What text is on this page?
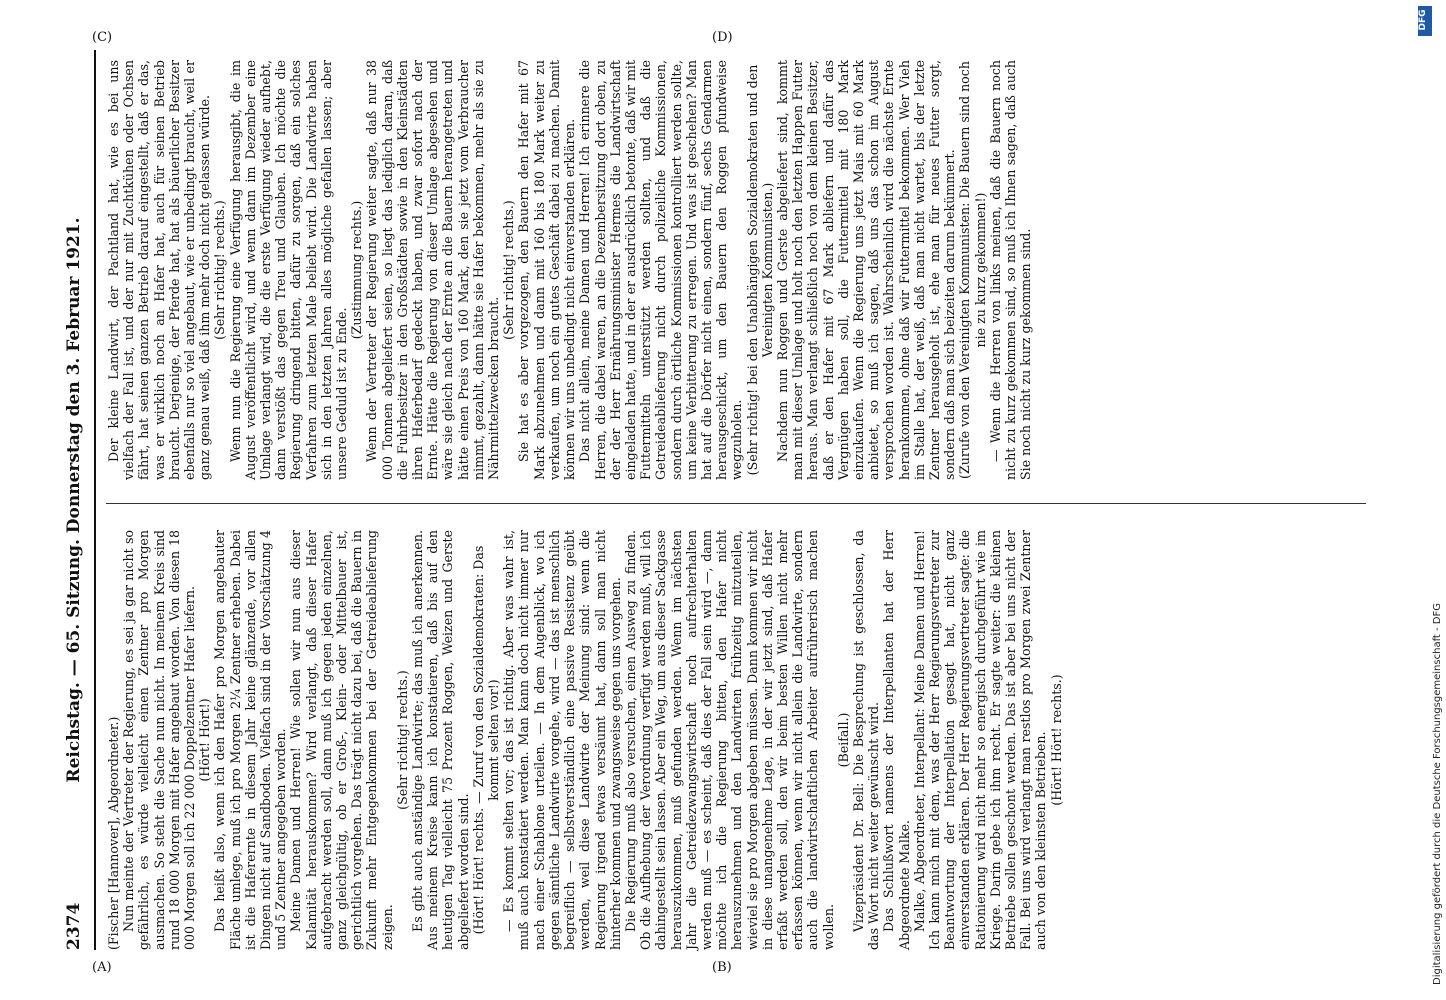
(A)	(B)
(C)	(D)
2374
Reichstag. — 65. Sitzung. Donnerstag den 3. Februar 1921.

(Fischer [Hannover], Abgeordneter.) Nun meinte der Vertreter der Regierung, es sei ja gar nicht so gefährlich, es würde vielleicht einen Zentner pro Morgen ausmachen. So steht die Sache nun nicht. In meinem Kreis sind rund 18 000 Morgen mit Hafer angebaut worden. Von diesen 18 000 Morgen soll ich 22 000 Doppelzentner Hafer liefern. (Hört! Hört!) Das heißt also, wenn ich den Hafer pro Morgen angebauter Fläche umlege, muß ich pro Morgen 2¼ Zentner erheben. Dabei ist die Haferernte in diesem Jahr keine glänzende, vor allen Dingen nicht auf Sandboden. Vielfach sind in der Vorschätzung 4 und 5 Zentner angegeben worden. Meine Damen und Herren! Wie sollen wir nun aus dieser Kalamität herauskommen? Wird verlangt, daß dieser Hafer aufgebracht werden soll, dann muß ich gegen jeden einzelnen, ganz gleichgültig, ob er Groß-, Klein- oder Mittelbauer ist, gerichtlich vorgehen. Das trägt nicht dazu bei, daß die Bauern in Zukunft mehr Entgegenkommen bei der Getreideablieferung zeigen.

(Sehr richtig! rechts.) Es gibt auch anständige Landwirte; das muß ich anerkennen. Aus meinem Kreise kann ich konstatieren, daß bis auf den heutigen Tag vielleicht 75 Prozent Roggen, Weizen und Gerste abgeliefert worden sind. (Hört! Hört! rechts. — Zuruf von den Sozialdemokraten: Das kommt selten vor!) — Es kommt selten vor; das ist richtig. Aber was wahr ist, muß auch konstatiert werden. Man kann doch nicht immer nur nach einer Schablone urteilen. — In dem Augenblick, wo ich gegen sämtliche Landwirte vorgehe, wird — das ist menschlich begreiflich — selbstverständlich eine passive Resistenz geübt werden, weil diese Landwirte der Meinung sind: wenn die Regierung irgend etwas versäumt hat, dann soll man nicht hinterher kommen und zwangsweise gegen uns vorgehen. Die Regierung muß also versuchen, einen Ausweg zu finden. Ob die Aufhebung der Verordnung verfügt werden muß, will ich dahingestellt sein lassen. Aber ein Weg, um aus dieser Sackgasse herauszukommen, muß gefunden werden. Wenn im nächsten Jahr die Getreidezwangswirtschaft noch aufrechterhalten werden muß — es scheint, daß dies der Fall sein wird —, dann möchte ich die Regierung bitten, den Hafer nicht herauszunehmen und den Landwirten frühzeitig mitzuteilen, wieviel sie pro Morgen abgeben müssen. Dann kommen wir nicht in diese unangenehme Lage, in der wir jetzt sind, daß Hafer erfaßt werden soll, den wir beim besten Willen nicht mehr erfassen können, wenn wir nicht allein die Landwirte, sondern auch die landwirtschaftlichen Arbeiter aufrührerisch machen wollen.

(Beifall.) Vizepräsident Dr. Bell: Die Besprechung ist geschlossen, da das Wort nicht weiter gewünscht wird. Das Schlußwort namens der Interpellanten hat der Herr Abgeordnete Malke. Malke, Abgeordneter, Interpellant: Meine Damen und Herren! Ich kann mich mit dem, was der Herr Regierungsvertreter zur Beantwortung der Interpellation gesagt hat, nicht ganz einverstanden erklären. Der Herr Regierungsvertreter sagte: die Rationierung wird nicht mehr so energisch durchgeführt wie im Kriege. Darin gebe ich ihm recht. Er sagte weiter: die kleinen Betriebe sollen geschont werden. Das ist aber bei uns nicht der Fall. Bei uns wird verlangt man restlos pro Morgen zwei Zentner auch von den kleinsten Betrieben. (Hört! Hört! rechts.)

Der kleine Landwirt, der Pachtland hat, wie es bei uns vielfach der Fall ist, und der nur mit Zuchtkühen oder Ochsen fährt, hat seinen ganzen Betrieb darauf eingestellt, daß er das, was er wirklich noch an Hafer hat, auch für seinen Betrieb braucht. Derjenige, der Pferde hat, hat als bäuerlicher Besitzer ebenfalls nur so viel angebaut, wie er unbedingt braucht, weil er ganz genau weiß, daß ihm mehr doch nicht gelassen würde. (Sehr richtig! rechts.) Wenn nun die Regierung eine Verfügung herausgibt, die im August veröffentlicht wird, und wenn dann im Dezember eine Umlage verlangt wird, die die erste Verfügung wieder aufhebt, dann verstößt das gegen Treu und Glauben. Ich möchte die Regierung dringend bitten, dafür zu sorgen, daß ein solches Verfahren zum letzten Male beliebt wird. Die Landwirte haben sich in den letzten Jahren alles mögliche gefallen lassen; aber unsere Geduld ist zu Ende.

(Zustimmung rechts.) Wenn der Vertreter der Regierung weiter sagte, daß nur 38 000 Tonnen abgeliefert seien, so liegt das lediglich daran, daß die Fuhrbesitzer in den Großstädten sowie in den Kleinstädten ihren Haferbedarf gedeckt haben, und zwar sofort nach der Ernte. Hätte die Regierung von dieser Umlage abgesehen und wäre sie gleich nach der Ernte an die Bauern herangetreten und hätte einen Preis von 160 Mark, den sie jetzt vom Verbraucher nimmt, gezahlt, dann hätte sie Hafer bekommen, mehr als sie zu Nährmittelzwecken braucht.

(Sehr richtig! rechts.) Sie hat es aber vorgezogen, den Bauern den Hafer mit 67 Mark abzunehmen und dann mit 160 bis 180 Mark weiter zu verkaufen, um noch ein gutes Geschäft dabei zu machen. Damit können wir uns unbedingt nicht einverstanden erklären. Das nicht allein, meine Damen und Herren! Ich erinnere die Herren, die dabei waren, an die Dezembersitzung dort oben, zu der der Herr Ernährungsminister Hermes die Landwirtschaft eingeladen hatte, und in der er ausdrücklich betonte, daß wir mit Futtermitteln unterstützt werden sollten, und daß die Getreideablieferung nicht durch polizeiliche Kommissionen, sondern durch örtliche Kommissionen kontrolliert werden sollte, um keine Verbitterung zu erregen. Und was ist geschehen? Man hat auf die Dörfer nicht einen, sondern fünf, sechs Gendarmen herausgeschickt, um den Bauern den Roggen pfundweise wegzuholen. (Sehr richtig! bei den Unabhängigen Sozialdemokraten und den Vereinigten Kommunisten.) Nachdem nun Roggen und Gerste abgeliefert sind, kommt man mit dieser Umlage und holt noch den letzten Happen Futter heraus. Man verlangt schließlich noch von dem kleinen Besitzer, daß er den Hafer mit 67 Mark abliefern und dafür das Vergnügen haben soll, die Futtermittel mit 180 Mark einzukaufen. Wenn die Regierung uns jetzt Mais mit 60 Mark anbietet, so muß ich sagen, daß uns das schon im August versprochen worden ist. Wahrscheinlich wird die nächste Ernte herankommen, ohne daß wir Futtermittel bekommen. Wer Vieh im Stalle hat, der weiß, daß man nicht wartet, bis der letzte Zentner herausgeholt ist, ehe man für neues Futter sorgt, sondern daß man sich beizeiten darum bekümmert. (Zurufe von den Vereinigten Kommunisten: Die Bauern sind noch nie zu kurz gekommen!) — Wenn die Herren von links meinen, daß die Bauern noch nicht zu kurz gekommen sind, so muß ich Ihnen sagen, daß auch Sie noch nicht zu kurz gekommen sind.

DFG
Digitalisierung gefördert durch die Deutsche Forschungsgemeinschaft - DFG
